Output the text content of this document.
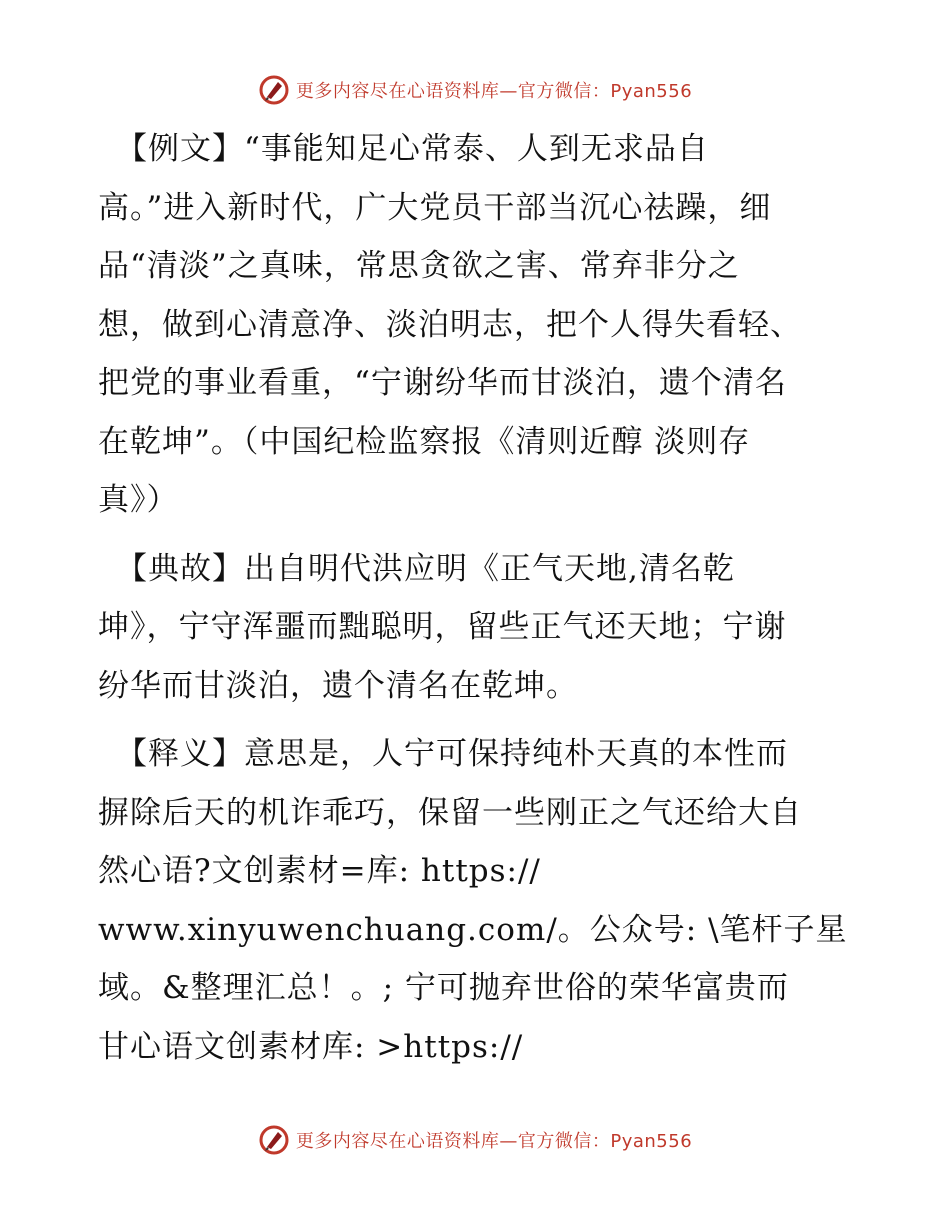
更多内容尽在心语资料库—官方微信：Pyan556

【例文】“事能知足心常泰、人到无求品自
高。”进入新时代，广大党员干部当沉心祛躁，细
品“清淡”之真味，常思贪欲之害、常弃非分之
想，做到心清意净、淡泊明志，把个人得失看轻、
把党的事业看重，“宁谢纷华而甘淡泊，遗个清名
在乾坤”。（中国纪检监察报《清则近醇 淡则存
真》）

【典故】出自明代洪应明《正气天地,清名乾
坤》，宁守浑噩而黜聪明，留些正气还天地；宁谢
纷华而甘淡泊，遗个清名在乾坤。

【释义】意思是，人宁可保持纯朴天真的本性而
摒除后天的机诈乖巧，保留一些刚正之气还给大自
然心语?文创素材=库: https://
www.xinyuwenchuang.com/。公众号: \笔杆子星
域。&整理汇总！。; 宁可抛弃世俗的荣华富贵而
甘心语文创素材库: >https://

更多内容尽在心语资料库—官方微信：Pyan556
